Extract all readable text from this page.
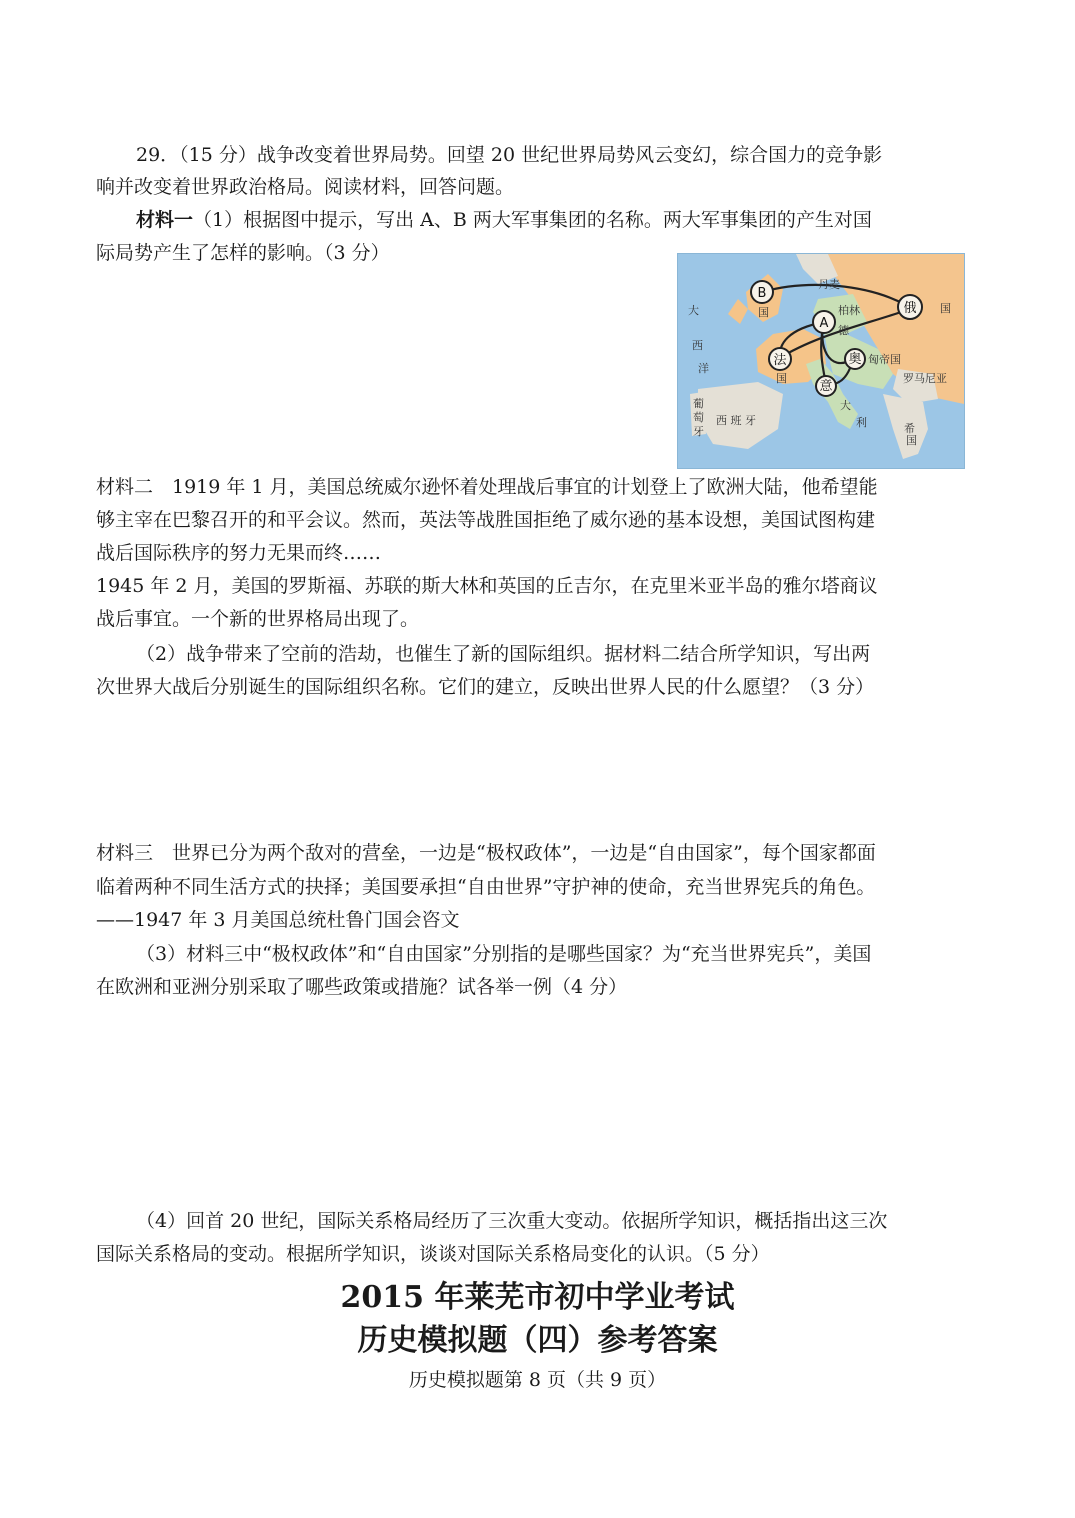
29．（15 分）战争改变着世界局势。回望 20 世纪世界局势风云变幻，综合国力的竞争影
响并改变着世界政治格局。阅读材料，回答问题。
材料一（1）根据图中提示，写出 A、B 两大军事集团的名称。两大军事集团的产生对国
际局势产生了怎样的影响。（3 分）
B
A
俄
法	奥
意
大
西
洋
国
丹麦
柏林
德
国
国
匈帝国
罗马尼亚
西 班 牙
葡
萄
牙
大
利	希
国
材料二　1919 年 1 月，美国总统威尔逊怀着处理战后事宜的计划登上了欧洲大陆，他希望能
够主宰在巴黎召开的和平会议。然而，英法等战胜国拒绝了威尔逊的基本设想，美国试图构建
战后国际秩序的努力无果而终……
1945 年 2 月，美国的罗斯福、苏联的斯大林和英国的丘吉尔，在克里米亚半岛的雅尔塔商议
战后事宜。一个新的世界格局出现了。
（2）战争带来了空前的浩劫，也催生了新的国际组织。据材料二结合所学知识，写出两
次世界大战后分别诞生的国际组织名称。它们的建立，反映出世界人民的什么愿望？（3 分）
材料三　世界已分为两个敌对的营垒，一边是“极权政体”，一边是“自由国家”，每个国家都面
临着两种不同生活方式的抉择；美国要承担“自由世界”守护神的使命，充当世界宪兵的角色。
——1947 年 3 月美国总统杜鲁门国会咨文
（3）材料三中“极权政体”和“自由国家”分别指的是哪些国家？为“充当世界宪兵”，美国
在欧洲和亚洲分别采取了哪些政策或措施？试各举一例（4 分）
（4）回首 20 世纪，国际关系格局经历了三次重大变动。依据所学知识，概括指出这三次
国际关系格局的变动。根据所学知识，谈谈对国际关系格局变化的认识。（5 分）
2015 年莱芜市初中学业考试
历史模拟题（四）参考答案
历史模拟题第 8 页（共 9 页）
